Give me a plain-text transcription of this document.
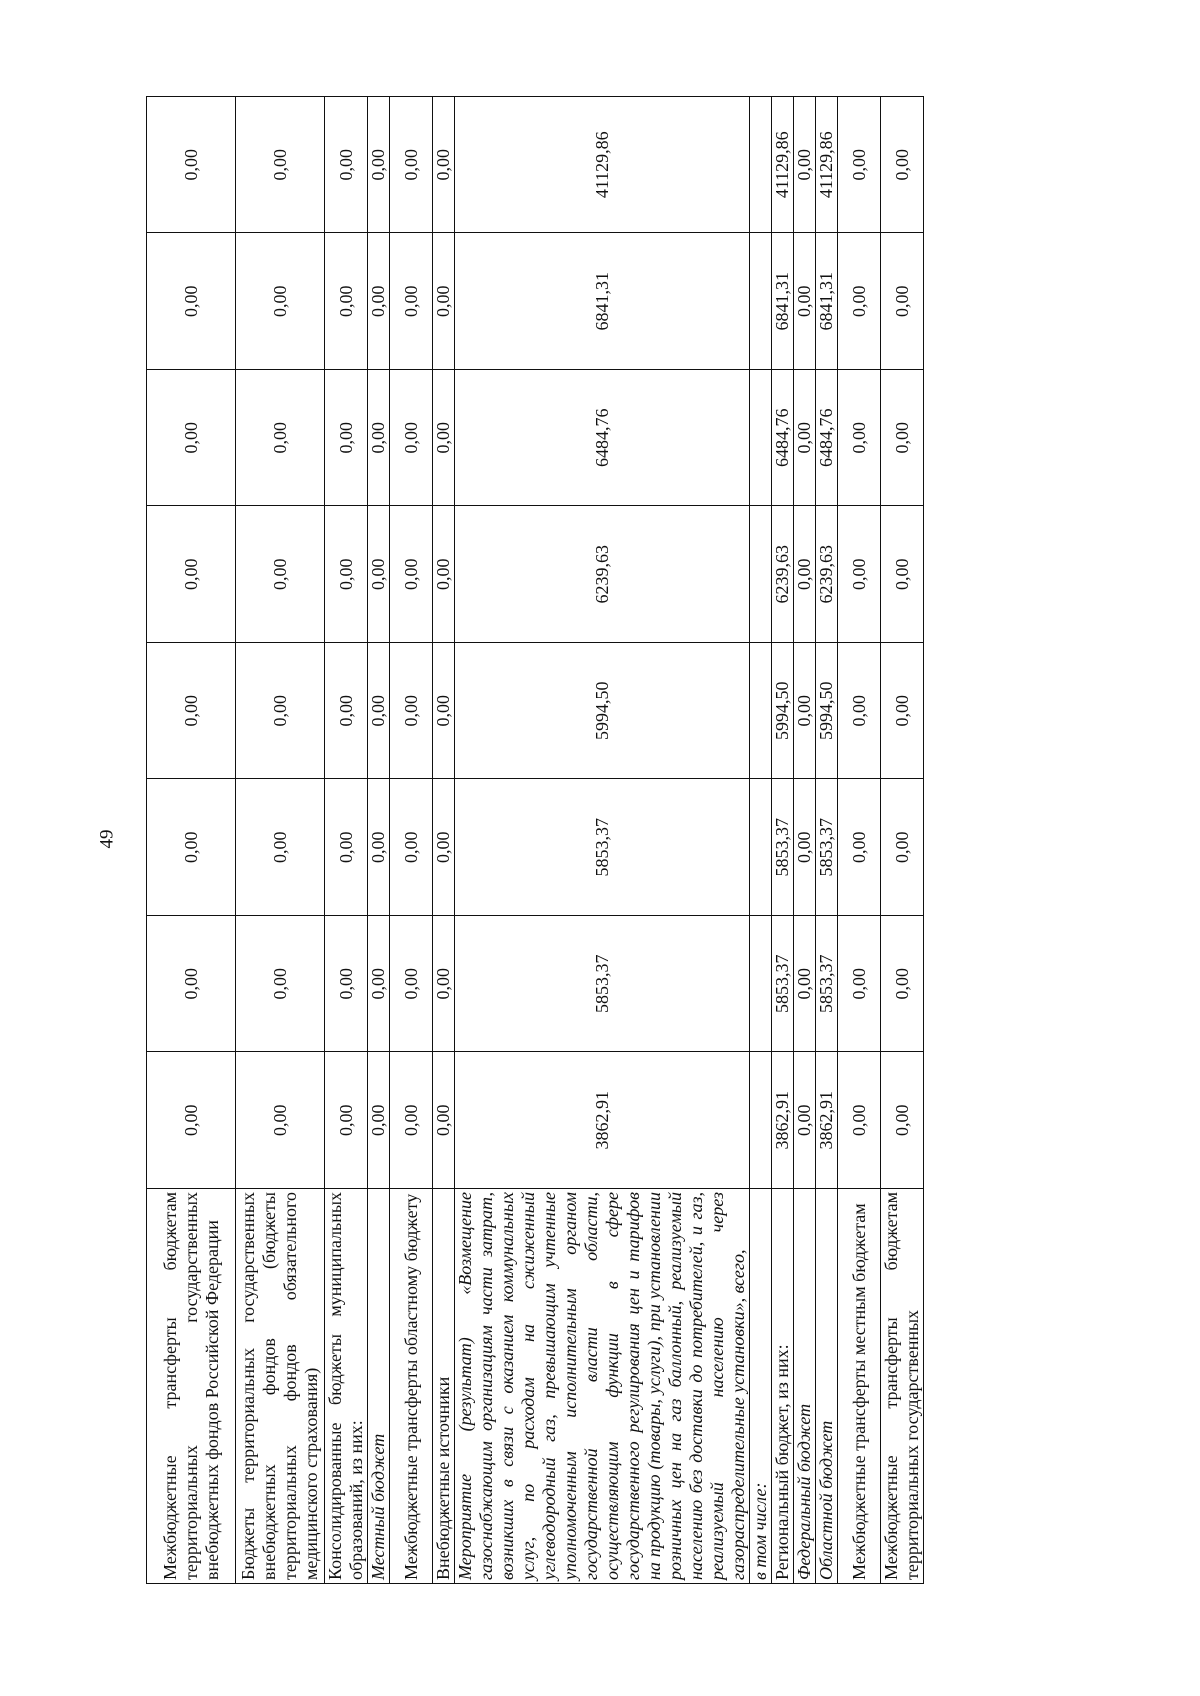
49
Межбюджетные трансферты бюджетам территориальных государственных внебюджетных фондов Российской Федерации	0,00	0,00	0,00	0,00	0,00	0,00	0,00	0,00
Бюджеты территориальных государственных внебюджетных фондов (бюджеты территориальных фондов обязательного медицинского страхования)	0,00	0,00	0,00	0,00	0,00	0,00	0,00	0,00
Консолидированные бюджеты муниципальных образований, из них:	0,00	0,00	0,00	0,00	0,00	0,00	0,00	0,00
Местный бюджет	0,00	0,00	0,00	0,00	0,00	0,00	0,00	0,00
Межбюджетные трансферты областному бюджету	0,00	0,00	0,00	0,00	0,00	0,00	0,00	0,00
Внебюджетные источники	0,00	0,00	0,00	0,00	0,00	0,00	0,00	0,00
Мероприятие (результат) «Возмещение газоснабжающим организациям части затрат, возникших в связи с оказанием коммунальных услуг, по расходам на сжиженный углеводородный газ, превышающим учтенные уполномоченным исполнительным органом государственной власти области, осуществляющим функции в сфере государственного регулирования цен и тарифов на продукцию (товары, услуги), при установлении розничных цен на газ баллонный, реализуемый населению без доставки до потребителей, и газ, реализуемый населению через газораспределительные установки», всего,	3862,91	5853,37	5853,37	5994,50	6239,63	6484,76	6841,31	41129,86
в том числе:								
Региональный бюджет, из них:	3862,91	5853,37	5853,37	5994,50	6239,63	6484,76	6841,31	41129,86
Федеральный бюджет	0,00	0,00	0,00	0,00	0,00	0,00	0,00	0,00
Областной бюджет	3862,91	5853,37	5853,37	5994,50	6239,63	6484,76	6841,31	41129,86
Межбюджетные трансферты местным бюджетам	0,00	0,00	0,00	0,00	0,00	0,00	0,00	0,00
Межбюджетные трансферты бюджетам территориальных государственных	0,00	0,00	0,00	0,00	0,00	0,00	0,00	0,00
